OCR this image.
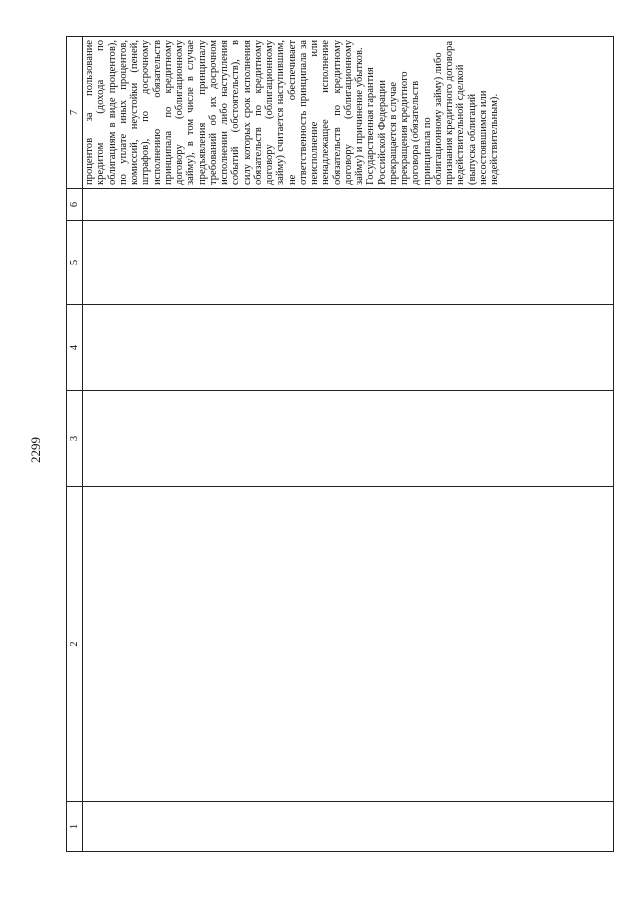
2299
1	2	3	4	5	6	7

						процентов за пользование кредитом (дохода по облигациям в виде процентов), по уплате иных процентов, комиссий, неустойки (пеней, штрафов), по досрочному исполнению обязательств принципала по кредитному договору (облигационному займу), в том числе в случае предъявления принципалу требований об их досрочном исполнении либо наступления событий (обстоятельств), в силу которых срок исполнения обязательств по кредитному договору (облигационному займу) считается наступившим, не обеспечивает ответственность принципала за неисполнение или ненадлежащее исполнение обязательств по кредитному договору (облигационному займу) и причинение убытков. Государственная гарантия Российской Федерации прекращается в случае прекращения кредитного договора (обязательств принципала по облигационному займу) либо признания кредитного договора недействительной сделкой (выпуска облигаций несостоявшимся или недействительным).
